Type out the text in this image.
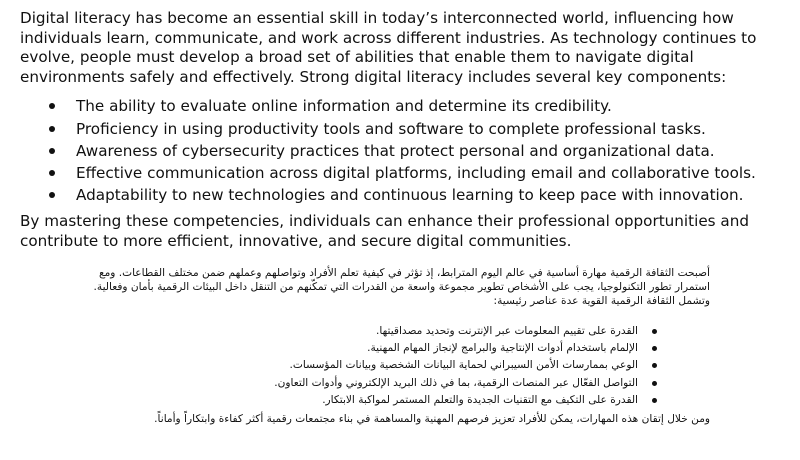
Digital literacy has become an essential skill in today’s interconnected world, influencing how individuals learn, communicate, and work across different industries. As technology continues to evolve, people must develop a broad set of abilities that enable them to navigate digital environments safely and effectively. Strong digital literacy includes several key components:

The ability to evaluate online information and determine its credibility.
Proficiency in using productivity tools and software to complete professional tasks.
Awareness of cybersecurity practices that protect personal and organizational data.
Effective communication across digital platforms, including email and collaborative tools.
Adaptability to new technologies and continuous learning to keep pace with innovation.

By mastering these competencies, individuals can enhance their professional opportunities and contribute to more efficient, innovative, and secure digital communities.

أصبحت الثقافة الرقمية مهارة أساسية في عالم اليوم المترابط، إذ تؤثر في كيفية تعلم الأفراد وتواصلهم وعملهم ضمن مختلف القطاعات. ومع استمرار تطور التكنولوجيا، يجب على الأشخاص تطوير مجموعة واسعة من القدرات التي تمكّنهم من التنقل داخل البيئات الرقمية بأمان وفعالية. وتشمل الثقافة الرقمية القوية عدة عناصر رئيسية:

القدرة على تقييم المعلومات عبر الإنترنت وتحديد مصداقيتها.
الإلمام باستخدام أدوات الإنتاجية والبرامج لإنجاز المهام المهنية.
الوعي بممارسات الأمن السيبراني لحماية البيانات الشخصية وبيانات المؤسسات.
التواصل الفعّال عبر المنصات الرقمية، بما في ذلك البريد الإلكتروني وأدوات التعاون.
القدرة على التكيف مع التقنيات الجديدة والتعلم المستمر لمواكبة الابتكار.

ومن خلال إتقان هذه المهارات، يمكن للأفراد تعزيز فرصهم المهنية والمساهمة في بناء مجتمعات رقمية أكثر كفاءة وابتكاراً وأماناً.
